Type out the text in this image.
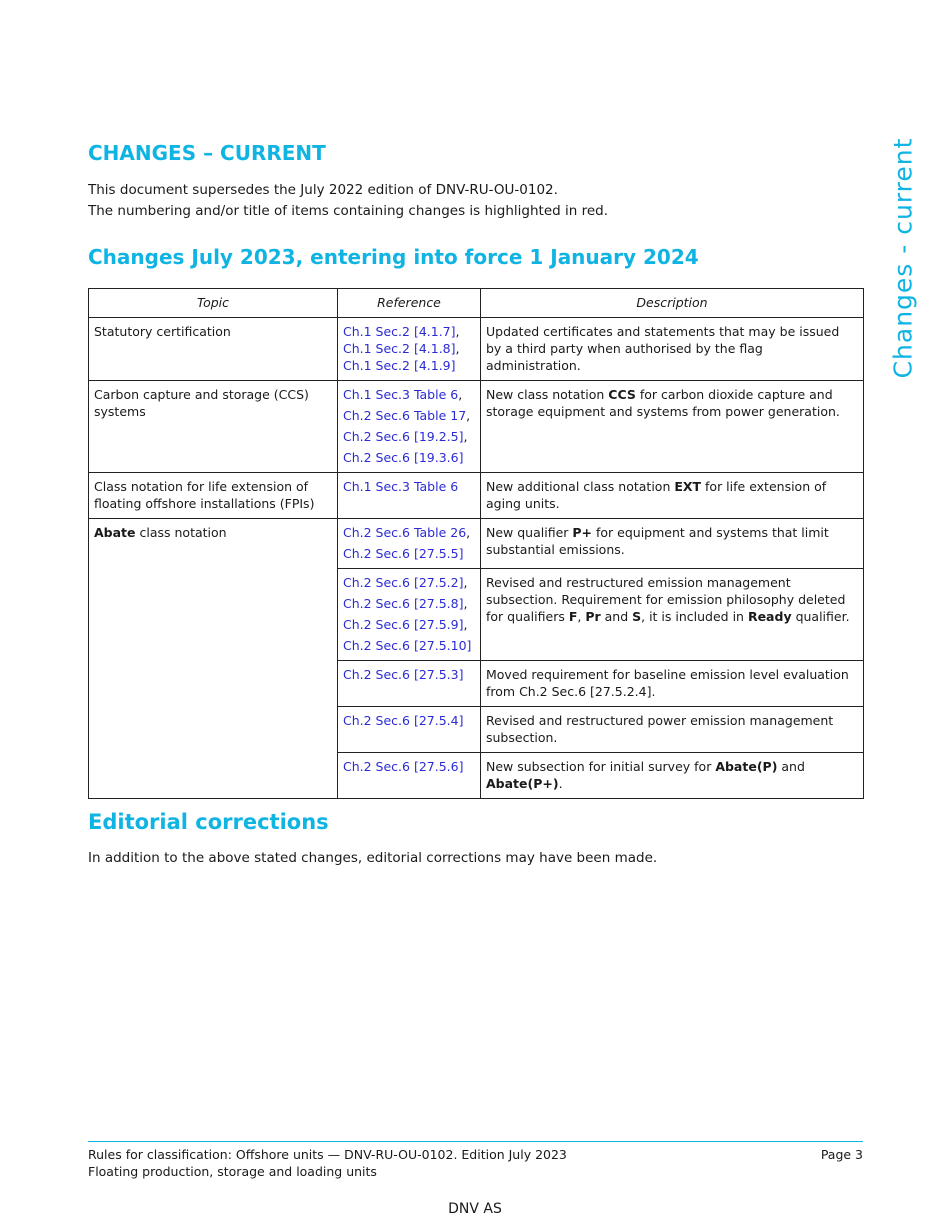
CHANGES – CURRENT
This document supersedes the July 2022 edition of DNV-RU-OU-0102.
The numbering and/or title of items containing changes is highlighted in red.	Changes - current
Changes July 2023, entering into force 1 January 2024
Topic	Reference	Description
Statutory certification	Ch.1 Sec.2 [4.1.7],
Ch.1 Sec.2 [4.1.8],
Ch.1 Sec.2 [4.1.9]	Updated certificates and statements that may be issued by a third party when authorised by the flag administration.
Carbon capture and storage (CCS) systems	Ch.1 Sec.3 Table 6,
Ch.2 Sec.6 Table 17,
Ch.2 Sec.6 [19.2.5],
Ch.2 Sec.6 [19.3.6]	New class notation CCS for carbon dioxide capture and storage equipment and systems from power generation.
Class notation for life extension of floating offshore installations (FPIs)	Ch.1 Sec.3 Table 6	New additional class notation EXT for life extension of aging units.
Abate class notation	Ch.2 Sec.6 Table 26,
Ch.2 Sec.6 [27.5.5]	New qualifier P+ for equipment and systems that limit substantial emissions.

	Ch.2 Sec.6 [27.5.2],
Ch.2 Sec.6 [27.5.8],
Ch.2 Sec.6 [27.5.9],
Ch.2 Sec.6 [27.5.10]	Revised and restructured emission management subsection. Requirement for emission philosophy deleted for qualifiers F, Pr and S, it is included in Ready qualifier.

	Ch.2 Sec.6 [27.5.3]	Moved requirement for baseline emission level evaluation from Ch.2 Sec.6 [27.5.2.4].

	Ch.2 Sec.6 [27.5.4]	Revised and restructured power emission management subsection.

	Ch.2 Sec.6 [27.5.6]	New subsection for initial survey for Abate(P) and Abate(P+).
Editorial corrections
In addition to the above stated changes, editorial corrections may have been made.
Rules for classification: Offshore units — DNV-RU-OU-0102. Edition July 2023
Floating production, storage and loading units
Page 3
DNV AS
